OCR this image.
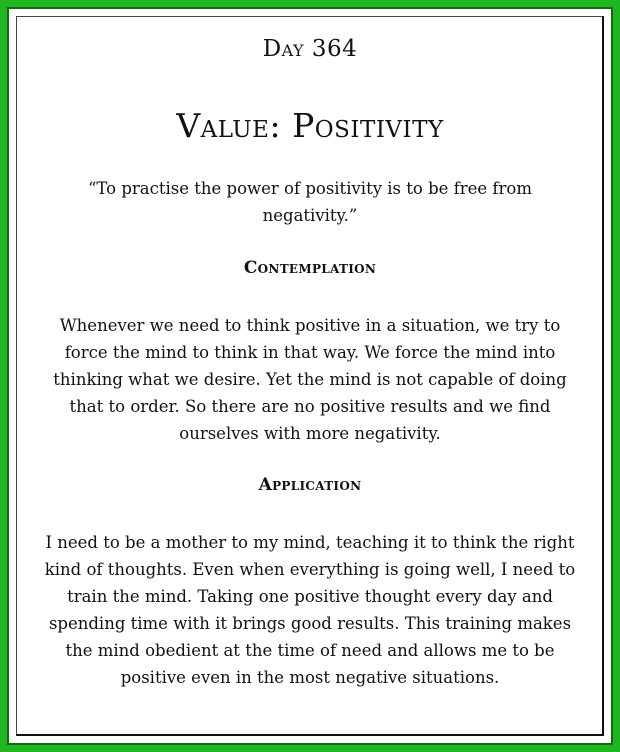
Day 364
Value: Positivity
“To practise the power of positivity is to be free from negativity.”
Contemplation
Whenever we need to think positive in a situation, we try to force the mind to think in that way. We force the mind into thinking what we desire. Yet the mind is not capable of doing that to order. So there are no positive results and we find ourselves with more negativity.
Application
I need to be a mother to my mind, teaching it to think the right kind of thoughts. Even when everything is going well, I need to train the mind. Taking one positive thought every day and spending time with it brings good results. This training makes the mind obedient at the time of need and allows me to be positive even in the most negative situations.
